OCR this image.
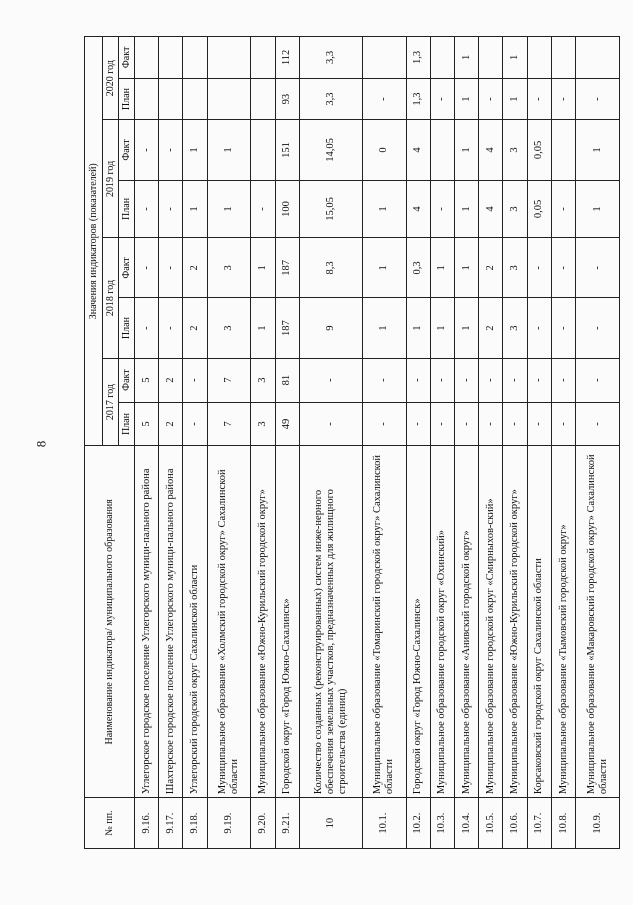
8
№ пп.	Наименование индикатора/ муниципального образования	Значения индикаторов (показателей)							
		2017 год		2018 год		2019 год		2020 год	
		План	Факт	План	Факт	План	Факт	План	Факт
9.16.	Углегорское городское поселение Углегорского муници-пального района	5	5	-	-	-	-		
9.17.	Шахтерское городское поселение Углегорского муници-пального района	2	2	-	-	-	-		
9.18.	Углегорский городской округ Сахалинской области	-	-	2	2	1	1		
9.19.	Муниципальное образование «Холмский городской округ» Сахалинской области	7	7	3	3	1	1		
9.20.	Муниципальное образование «Южно-Курильский городской округ»	3	3	1	1	-			
9.21.	Городской округ «Город Южно-Сахалинск»	49	81	187	187	100	151	93	112
10	Количество созданных (реконструированных) систем инже-нерного обеспечения земельных участков, предназначенных для жилищного строительства (единиц)	-	-	9	8,3	15,05	14,05	3,3	3,3
10.1.	Муниципальное образование «Томаринский городской округ» Сахалинской области	-	-	1	1	1	0	-	
10.2.	Городской округ «Город Южно-Сахалинск»	-	-	1	0,3	4	4	1,3	1,3
10.3.	Муниципальное образование городской округ «Охинский»	-	-	1	1	-		-	
10.4.	Муниципальное образование «Анивский городской округ»	-	-	1	1	1	1	1	1
10.5.	Муниципальное образование городской округ «Смирныхов-ский»	-	-	2	2	4	4	-	
10.6.	Муниципальное образование «Южно-Курильский городской округ»	-	-	3	3	3	3	1	1
10.7.	Корсаковский городской округ Сахалинской области	-	-	-	-	0,05	0,05	-	
10.8.	Муниципальное образование «Тымовский городской округ»	-	-	-	-	-		-	
10.9.	Муниципальное образование «Макаровский городской округ» Сахалинской области	-	-	-	-	1	1	-	
